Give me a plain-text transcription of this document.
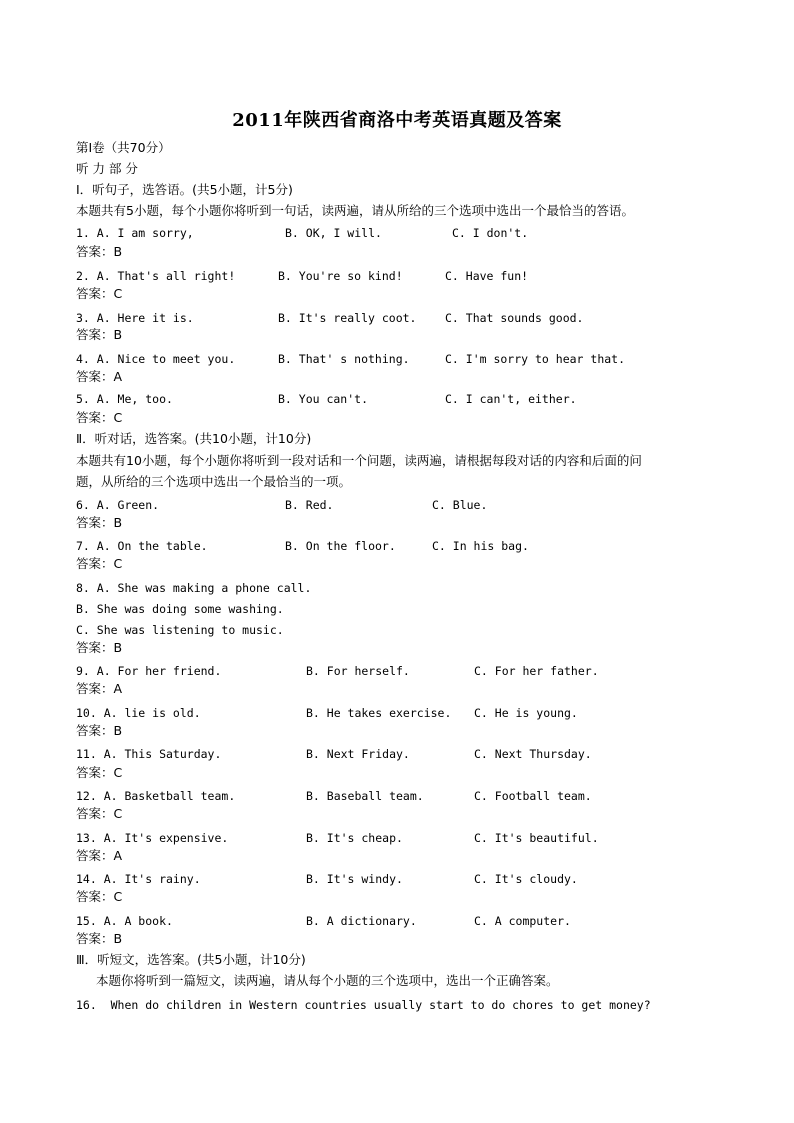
2011年陕西省商洛中考英语真题及答案
第Ⅰ卷（共70分）
听 力 部 分
Ⅰ．听句子，选答语。(共5小题，计5分)
本题共有5小题，每个小题你将听到一句话，读两遍，请从所给的三个选项中选出一个最恰当的答语。
1. A. I am sorry,	B. OK, I will.	C. I don't.
答案：B
2. A. That's all right!	B. You're so kind!	C. Have fun!
答案：C
3. A. Here it is.	B. It's really coot. C. That sounds good.
答案：B
4. A. Nice to meet you.	B. That' s nothing.	C. I'm sorry to hear that.
答案：A
5. A. Me, too.	B. You can't.	C. I can't, either.
答案：C
Ⅱ．听对话，选答案。(共10小题，计10分)
本题共有10小题，每个小题你将听到一段对话和一个问题，读两遍，请根据每段对话的内容和后面的问
题，从所给的三个选项中选出一个最恰当的一项。
6. A. Green.	B. Red.	C. Blue.
答案：B
7. A. On the table.	B. On the floor.	C. In his bag.
答案：C
8. A. She was making a phone call.
B. She was doing some washing.
C. She was listening to music.
答案：B
9. A. For her friend.	B. For herself.	C. For her father.
答案：A
10. A. lie is old.	B. He takes exercise. C. He is young.
答案：B
11. A. This Saturday.	B. Next Friday.	C. Next Thursday.
答案：C
12. A. Basketball team.	B. Baseball team.	C. Football team.
答案：C
13. A. It's expensive.	B. It's cheap.	C. It's beautiful.
答案：A
14. A. It's rainy.	B. It's windy.	C. It's cloudy.
答案：C
15. A. A book.	B. A dictionary.	C. A computer.
答案：B
Ⅲ．听短文，选答案。(共5小题，计10分)
本题你将听到一篇短文，读两遍，请从每个小题的三个选项中，选出一个正确答案。
16.  When do children in Western countries usually start to do chores to get money?
